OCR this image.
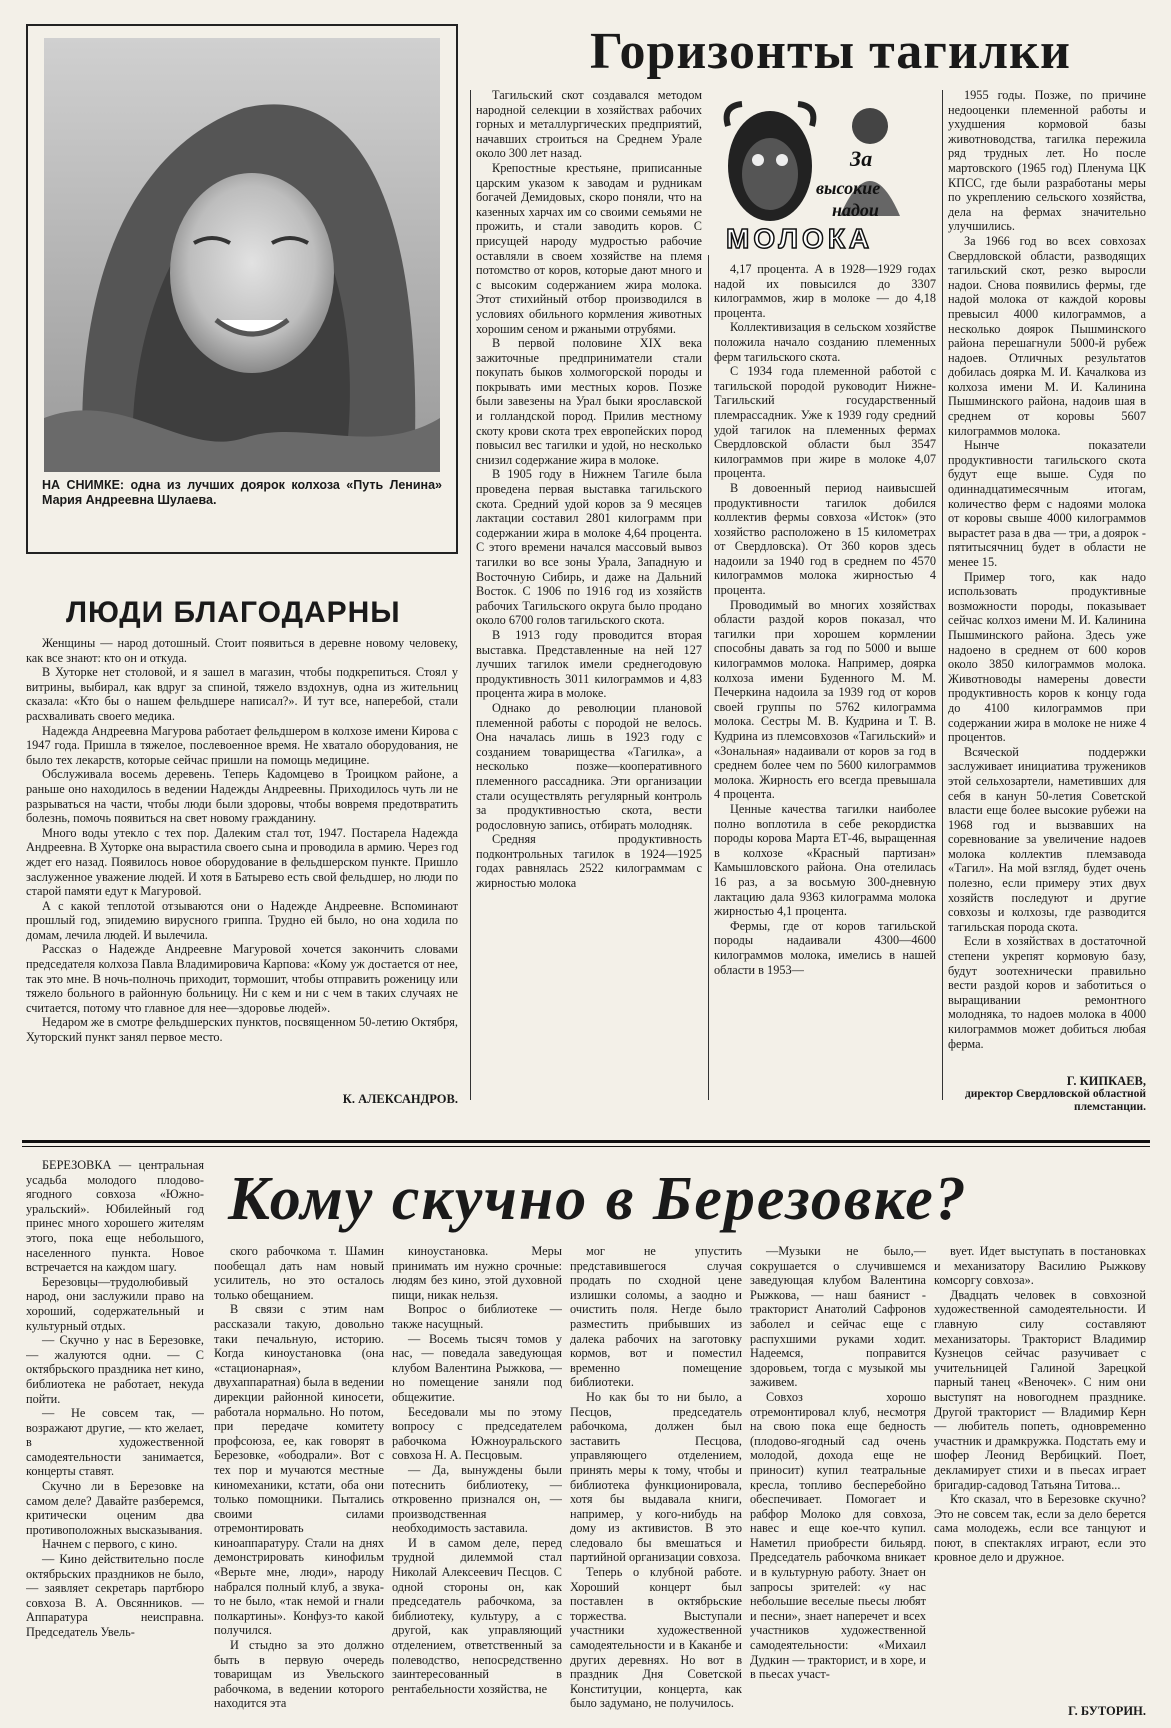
НА СНИМКЕ: одна из лучших доярок колхоза «Путь Ленина» Мария Андреевна Шулаева.
ЛЮДИ БЛАГОДАРНЫ

Женщины — народ дотошный. Стоит появиться в деревне новому человеку, как все знают: кто он и откуда.

В Хуторке нет столовой, и я зашел в магазин, чтобы подкрепиться. Стоял у витрины, выбирал, как вдруг за спиной, тяжело вздохнув, одна из жительниц сказала: «Кто бы о нашем фельдшере написал?». И тут все, наперебой, стали расхваливать своего медика.

Надежда Андреевна Магурова работает фельдшером в колхозе имени Кирова с 1947 года. Пришла в тяжелое, послевоенное время. Не хватало оборудования, не было тех лекарств, которые сейчас пришли на помощь медицине.

Обслуживала восемь деревень. Теперь Кадомцево в Троицком районе, а раньше оно находилось в ведении Надежды Андреевны. Приходилось чуть ли не разрываться на части, чтобы люди были здоровы, чтобы вовремя предотвратить болезнь, помочь появиться на свет новому гражданину.

Много воды утекло с тех пор. Далеким стал тот, 1947. Постарела Надежда Андреевна. В Хуторке она вырастила своего сына и проводила в армию. Через год ждет его назад. Появилось новое оборудование в фельдшерском пункте. Пришло заслуженное уважение людей. И хотя в Батырево есть свой фельдшер, но люди по старой памяти едут к Магуровой.

А с какой теплотой отзываются они о Надежде Андреевне. Вспоминают прошлый год, эпидемию вирусного гриппа. Трудно ей было, но она ходила по домам, лечила людей. И вылечила.

Рассказ о Надежде Андреевне Магуровой хочется закончить словами председателя колхоза Павла Владимировича Карпова: «Кому уж достается от нее, так это мне. В ночь-полночь приходит, тормошит, чтобы отправить роженицу или тяжело больного в районную больницу. Ни с кем и ни с чем в таких случаях не считается, потому что главное для нее—здоровье людей».

Недаром же в смотре фельдшерских пунктов, посвященном 50-летию Октября, Хуторский пункт занял первое место.

К. АЛЕКСАНДРОВ.
Горизонты тагилки

Тагильский скот создавался методом народной селекции в хозяйствах рабочих горных и металлургических предприятий, начавших строиться на Среднем Урале около 300 лет назад.

Крепостные крестьяне, приписанные царским указом к заводам и рудникам богачей Демидовых, скоро поняли, что на казенных харчах им со своими семьями не прожить, и стали заводить коров. С присущей народу мудростью рабочие оставляли в своем хозяйстве на племя потомство от коров, которые дают много и с высоким содержанием жира молока. Этот стихийный отбор производился в условиях обильного кормления животных хорошим сеном и ржаными отрубями.

В первой половине XIX века зажиточные предприниматели стали покупать быков холмогорской породы и покрывать ими местных коров. Позже были завезены на Урал быки ярославской и голландской пород. Прилив местному скоту крови скота трех европейских пород повысил вес тагилки и удой, но несколько снизил содержание жира в молоке.

В 1905 году в Нижнем Тагиле была проведена первая выставка тагильского скота. Средний удой коров за 9 месяцев лактации составил 2801 килограмм при содержании жира в молоке 4,64 процента. С этого времени начался массовый вывоз тагилки во все зоны Урала, Западную и Восточную Сибирь, и даже на Дальний Восток. С 1906 по 1916 год из хозяйств рабочих Тагильского округа было продано около 6700 голов тагильского скота.

В 1913 году проводится вторая выставка. Представленные на ней 127 лучших тагилок имели среднегодовую продуктивность 3011 килограммов и 4,83 процента жира в молоке.

Однако до революции плановой племенной работы с породой не велось. Она началась лишь в 1923 году с созданием товарищества «Тагилка», а несколько позже—кооперативного племенного рассадника. Эти организации стали осуществлять регулярный контроль за продуктивностью скота, вести родословную запись, отбирать молодняк.

Средняя продуктивность подконтрольных тагилок в 1924—1925 годах равнялась 2522 килограммам с жирностью молока

За
высокие
надои
МОЛОКА

4,17 процента. А в 1928—1929 годах надой их повысился до 3307 килограммов, жир в молоке — до 4,18 процента.

Коллективизация в сельском хозяйстве положила начало созданию племенных ферм тагильского скота.

С 1934 года племенной работой с тагильской породой руководит Нижне-Тагильский государственный племрассадник. Уже к 1939 году средний удой тагилок на племенных фермах Свердловской области был 3547 килограммов при жире в молоке 4,07 процента.

В довоенный период наивысшей продуктивности тагилок добился коллектив фермы совхоза «Исток» (это хозяйство расположено в 15 километрах от Свердловска). От 360 коров здесь надоили за 1940 год в среднем по 4570 килограммов молока жирностью 4 процента.

Проводимый во многих хозяйствах области раздой коров показал, что тагилки при хорошем кормлении способны давать за год по 5000 и выше килограммов молока. Например, доярка колхоза имени Буденного М. М. Печеркина надоила за 1939 год от коров своей группы по 5762 килограмма молока. Сестры М. В. Кудрина и Т. В. Кудрина из племсовхозов «Тагильский» и «Зональная» надаивали от коров за год в среднем более чем по 5600 килограммов молока. Жирность его всегда превышала 4 процента.

Ценные качества тагилки наиболее полно воплотила в себе рекордистка породы корова Марта ЕТ-46, выращенная в колхозе «Красный партизан» Камышловского района. Она отелилась 16 раз, а за восьмую 300-дневную лактацию дала 9363 килограмма молока жирностью 4,1 процента.

Фермы, где от коров тагильской породы надаивали 4300—4600 килограммов молока, имелись в нашей области в 1953—

1955 годы. Позже, по причине недооценки племенной работы и ухудшения кормовой базы животноводства, тагилка пережила ряд трудных лет. Но после мартовского (1965 год) Пленума ЦК КПСС, где были разработаны меры по укреплению сельского хозяйства, дела на фермах значительно улучшились.

За 1966 год во всех совхозах Свердловской области, разводящих тагильский скот, резко выросли надои. Снова появились фермы, где надой молока от каждой коровы превысил 4000 килограммов, а несколько доярок Пышминского района перешагнули 5000-й рубеж надоев. Отличных результатов добилась доярка М. И. Качалкова из колхоза имени М. И. Калинина Пышминского района, надоив шая в среднем от коровы 5607 килограммов молока.

Нынче показатели продуктивности тагильского скота будут еще выше. Судя по одиннадцатимесячным итогам, количество ферм с надоями молока от коровы свыше 4000 килограммов вырастет раза в два — три, а доярок - пятитысячниц будет в области не менее 15.

Пример того, как надо использовать продуктивные возможности породы, показывает сейчас колхоз имени М. И. Калинина Пышминского района. Здесь уже надоено в среднем от 600 коров около 3850 килограммов молока. Животноводы намерены довести продуктивность коров к концу года до 4100 килограммов при содержании жира в молоке не ниже 4 процентов.

Всяческой поддержки заслуживает инициатива тружеников этой сельхозартели, наметивших для себя в канун 50-летия Советской власти еще более высокие рубежи на 1968 год и вызвавших на соревнование за увеличение надоев молока коллектив племзавода «Тагил». На мой взгляд, будет очень полезно, если примеру этих двух хозяйств последуют и другие совхозы и колхозы, где разводится тагильская порода скота.

Если в хозяйствах в достаточной степени укрепят кормовую базу, будут зоотехнически правильно вести раздой коров и заботиться о выращивании ремонтного молодняка, то надоев молока в 4000 килограммов может добиться любая ферма.

Г. КИПКАЕВ,
директор Свердловской областной племстанции.
Кому скучно в Березовке?

БЕРЕЗОВКА — центральная усадьба молодого плодово-ягодного совхоза «Южно-уральский». Юбилейный год принес много хорошего жителям этого, пока еще небольшого, населенного пункта. Новое встречается на каждом шагу.

Березовцы—трудолюбивый народ, они заслужили право на хороший, содержательный и культурный отдых.

— Скучно у нас в Березовке, — жалуются одни. — С октябрьского праздника нет кино, библиотека не работает, некуда пойти.

— Не совсем так, — возражают другие, — кто желает, в художественной самодеятельности занимается, концерты ставят.

Скучно ли в Березовке на самом деле? Давайте разберемся, критически оценим два противоположных высказывания.

Начнем с первого, с кино.

— Кино действительно после октябрьских праздников не было, — заявляет секретарь партбюро совхоза В. А. Овсянников. — Аппаратура неисправна. Председатель Увель-

ского рабочкома т. Шамин пообещал дать нам новый усилитель, но это осталось только обещанием.

В связи с этим нам рассказали такую, довольно таки печальную, историю. Когда киноустановка (она «стационарная», двухаппаратная) была в ведении дирекции районной киносети, работала нормально. Но потом, при передаче комитету профсоюза, ее, как говорят в Березовке, «ободрали». Вот с тех пор и мучаются местные киномеханики, кстати, оба они только помощники. Пытались своими силами отремонтировать киноаппаратуру. Стали на днях демонстрировать кинофильм «Верьте мне, люди», народу набрался полный клуб, а звука-то не было, «так немой и гнали полкартины». Конфуз-то какой получился.

И стыдно за это должно быть в первую очередь товарищам из Увельского рабочкома, в ведении которого находится эта

киноустановка. Меры принимать им нужно срочные: людям без кино, этой духовной пищи, никак нельзя.

Вопрос о библиотеке — также насущный.

— Восемь тысяч томов у нас, — поведала заведующая клубом Валентина Рыжкова, — но помещение заняли под общежитие.

Беседовали мы по этому вопросу с председателем рабочкома Южноуральского совхоза Н. А. Песцовым.

— Да, вынуждены были потеснить библиотеку, — откровенно признался он, — производственная необходимость заставила.

И в самом деле, перед трудной дилеммой стал Николай Алексеевич Песцов. С одной стороны он, как председатель рабочкома, за библиотеку, культуру, а с другой, как управляющий отделением, ответственный за полеводство, непосредственно заинтересованный в рентабельности хозяйства, не

мог не упустить представившегося случая продать по сходной цене излишки соломы, а заодно и очистить поля. Негде было разместить прибывших из далека рабочих на заготовку кормов, вот и поместил временно помещение библиотеки.

Но как бы то ни было, а Песцов, председатель рабочкома, должен был заставить Песцова, управляющего отделением, принять меры к тому, чтобы и библиотека функционировала, хотя бы выдавала книги, например, у кого-нибудь на дому из активистов. В это следовало бы вмешаться и партийной организации совхоза.

Теперь о клубной работе. Хороший концерт был поставлен в октябрьские торжества. Выступали участники художественной самодеятельности и в Каканбе и других деревнях. Но вот в праздник Дня Советской Конституции, концерта, как было задумано, не получилось.

—Музыки не было,—сокрушается о случившемся заведующая клубом Валентина Рыжкова, — наш баянист - тракторист Анатолий Сафронов заболел и сейчас еще с распухшими руками ходит. Надеемся, поправится здоровьем, тогда с музыкой мы заживем.

Совхоз хорошо отремонтировал клуб, несмотря на свою пока еще бедность (плодово-ягодный сад очень молодой, дохода еще не приносит) купил театральные кресла, топливо бесперебойно обеспечивает. Помогает и рабфор Молоко для совхоза, навес и еще кое-что купил. Наметил приобрести бильярд. Председатель рабочкома вникает и в культурную работу. Знает он запросы зрителей: «у нас небольшие веселые пьесы любят и песни», знает наперечет и всех участников художественной самодеятельности: «Михаил Дудкин — тракторист, и в хоре, и в пьесах участ-

вует. Идет выступать в постановках и механизатору Василию Рыжкову комсоргу совхоза».

Двадцать человек в совхозной художественной самодеятельности. И главную силу составляют механизаторы. Тракторист Владимир Кузнецов сейчас разучивает с учительницей Галиной Зарецкой парный танец «Веночек». С ним они выступят на новогоднем празднике. Другой тракторист — Владимир Керн — любитель попеть, одновременно участник и драмкружка. Подстать ему и шофер Леонид Вербицкий. Поет, декламирует стихи и в пьесах играет бригадир-садовод Татьяна Титова...

Кто сказал, что в Березовке скучно? Это не совсем так, если за дело берется сама молодежь, если все танцуют и поют, в спектаклях играют, если это кровное дело и дружное.

Г. БУТОРИН.
